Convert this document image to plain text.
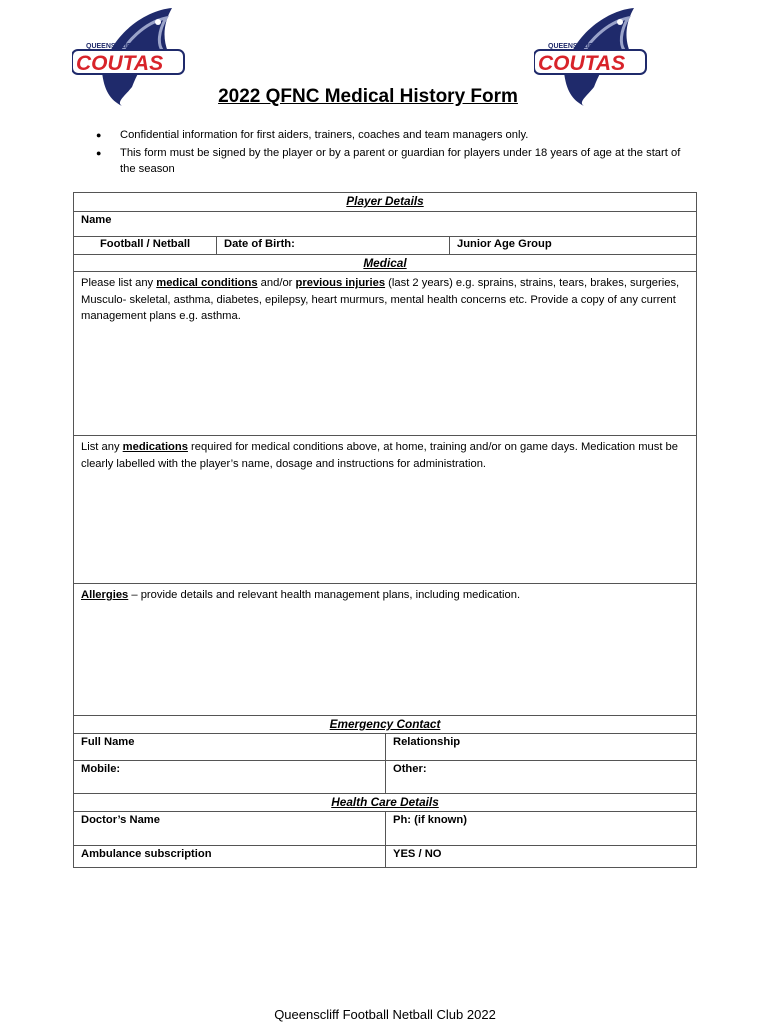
QUEENSCLIFF
COUTAS
QUEENSCLIFF
COUTAS
2022 QFNC Medical History Form
● Confidential information for first aiders, trainers, coaches and team managers only.
● This form must be signed by the player or by a parent or guardian for players under 18 years of age at the start of the season
Player Details
Name
Football / Netball	Date of Birth:	Junior Age Group
Medical
Please list any medical conditions and/or previous injuries (last 2 years) e.g. sprains, strains, tears, brakes, surgeries, Musculo- skeletal, asthma, diabetes, epilepsy, heart murmurs, mental health concerns etc. Provide a copy of any current management plans e.g. asthma.
List any medications required for medical conditions above, at home, training and/or on game days. Medication must be clearly labelled with the player’s name, dosage and instructions for administration.
Allergies – provide details and relevant health management plans, including medication.
Emergency Contact
Full Name	Relationship
Mobile:	Other:
Health Care Details
Doctor’s Name	Ph: (if known)
Ambulance subscription	YES / NO
Queenscliff Football Netball Club 2022
